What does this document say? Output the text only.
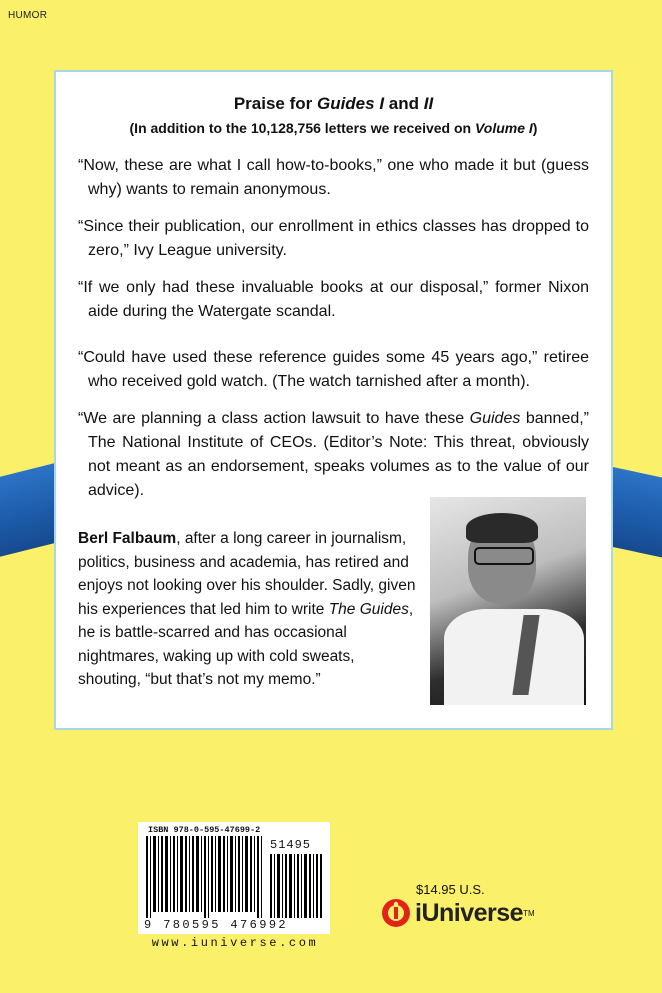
HUMOR
Praise for Guides I and II
(In addition to the 10,128,756 letters we received on Volume I)

“Now, these are what I call how-to-books,” one who made it but (guess why) wants to remain anonymous.

“Since their publication, our enrollment in ethics classes has dropped to zero,” Ivy League university.

“If we only had these invaluable books at our disposal,” former Nixon aide during the Watergate scandal.

“Could have used these reference guides some 45 years ago,” retiree who received gold watch. (The watch tarnished after a month).

“We are planning a class action lawsuit to have these Guides banned,” The National Institute of CEOs. (Editor’s Note: This threat, obviously not meant as an endorsement, speaks volumes as to the value of our advice).

Berl Falbaum, after a long career in journalism, politics, business and academia, has retired and enjoys not looking over his shoulder. Sadly, given his experiences that led him to write The Guides, he is battle-scarred and has occasional nightmares, waking up with cold sweats, shouting, “but that’s not my memo.”
ISBN 978-0-595-47699-2
51495
9 780595 476992
www.iuniverse.com
$14.95 U.S.
iUniverse TM
